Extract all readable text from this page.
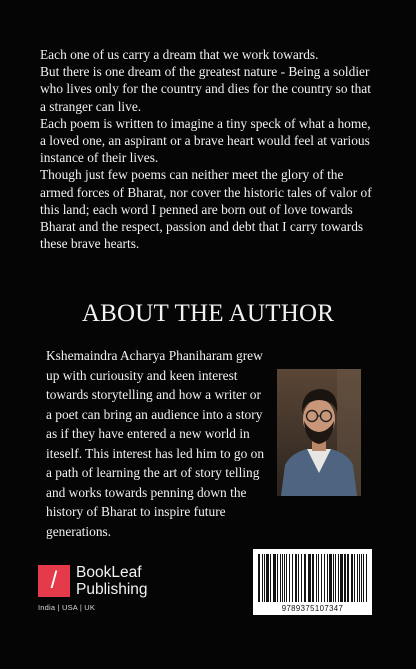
Each one of us carry a dream that we work towards.

But there is one dream of the greatest nature - Being a soldier who lives only for the country and dies for the country so that a stranger can live.

Each poem is written to imagine a tiny speck of what a home, a loved one, an aspirant or a brave heart would feel at various instance of their lives.

Though just few poems can neither meet the glory of the armed forces of Bharat, nor cover the historic tales of valor of this land; each word I penned are born out of love towards Bharat and the respect, passion and debt that I carry towards these brave hearts.

ABOUT THE AUTHOR

Kshemaindra Acharya Phaniharam grew up with curiousity and keen interest towards storytelling and how a writer or a poet can bring an audience into a story as if they have entered a new world in iteself. This interest has led him to go on a path of learning the art of story telling and works towards penning down the history of Bharat to inspire future generations.

/	BookLeaf
Publishing
India | USA | UK	9789375107347
